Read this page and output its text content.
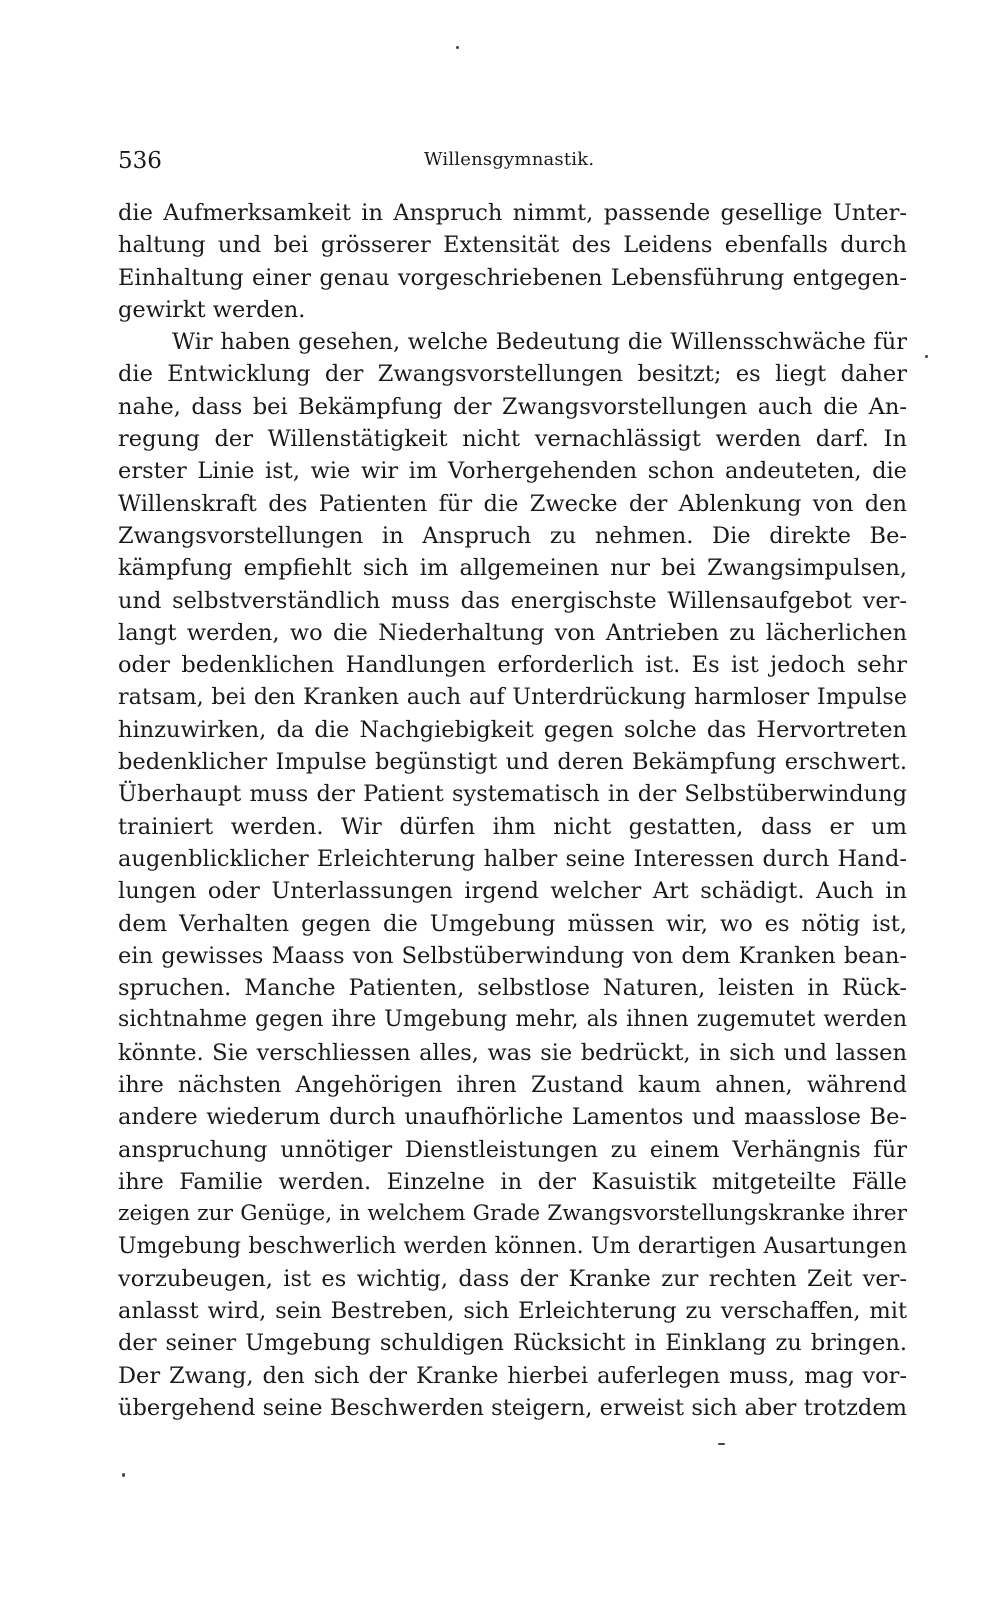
536	Willensgymnastik.
die Aufmerksamkeit in Anspruch nimmt, passende gesellige Unter-
haltung und bei grösserer Extensität des Leidens ebenfalls durch
Einhaltung einer genau vorgeschriebenen Lebensführung entgegen-
gewirkt werden.
Wir haben gesehen, welche Bedeutung die Willensschwäche für
die Entwicklung der Zwangsvorstellungen besitzt; es liegt daher
nahe, dass bei Bekämpfung der Zwangsvorstellungen auch die An-
regung der Willenstätigkeit nicht vernachlässigt werden darf. In
erster Linie ist, wie wir im Vorhergehenden schon andeuteten, die
Willenskraft des Patienten für die Zwecke der Ablenkung von den
Zwangsvorstellungen in Anspruch zu nehmen. Die direkte Be-
kämpfung empfiehlt sich im allgemeinen nur bei Zwangsimpulsen,
und selbstverständlich muss das energischste Willensaufgebot ver-
langt werden, wo die Niederhaltung von Antrieben zu lächerlichen
oder bedenklichen Handlungen erforderlich ist. Es ist jedoch sehr
ratsam, bei den Kranken auch auf Unterdrückung harmloser Impulse
hinzuwirken, da die Nachgiebigkeit gegen solche das Hervortreten
bedenklicher Impulse begünstigt und deren Bekämpfung erschwert.
Überhaupt muss der Patient systematisch in der Selbstüberwindung
trainiert werden. Wir dürfen ihm nicht gestatten, dass er um
augenblicklicher Erleichterung halber seine Interessen durch Hand-
lungen oder Unterlassungen irgend welcher Art schädigt. Auch in
dem Verhalten gegen die Umgebung müssen wir, wo es nötig ist,
ein gewisses Maass von Selbstüberwindung von dem Kranken bean-
spruchen. Manche Patienten, selbstlose Naturen, leisten in Rück-
sichtnahme gegen ihre Umgebung mehr, als ihnen zugemutet werden
könnte. Sie verschliessen alles, was sie bedrückt, in sich und lassen
ihre nächsten Angehörigen ihren Zustand kaum ahnen, während
andere wiederum durch unaufhörliche Lamentos und maasslose Be-
anspruchung unnötiger Dienstleistungen zu einem Verhängnis für
ihre Familie werden. Einzelne in der Kasuistik mitgeteilte Fälle
zeigen zur Genüge, in welchem Grade Zwangsvorstellungskranke ihrer
Umgebung beschwerlich werden können. Um derartigen Ausartungen
vorzubeugen, ist es wichtig, dass der Kranke zur rechten Zeit ver-
anlasst wird, sein Bestreben, sich Erleichterung zu verschaffen, mit
der seiner Umgebung schuldigen Rücksicht in Einklang zu bringen.
Der Zwang, den sich der Kranke hierbei auferlegen muss, mag vor-
übergehend seine Beschwerden steigern, erweist sich aber trotzdem
